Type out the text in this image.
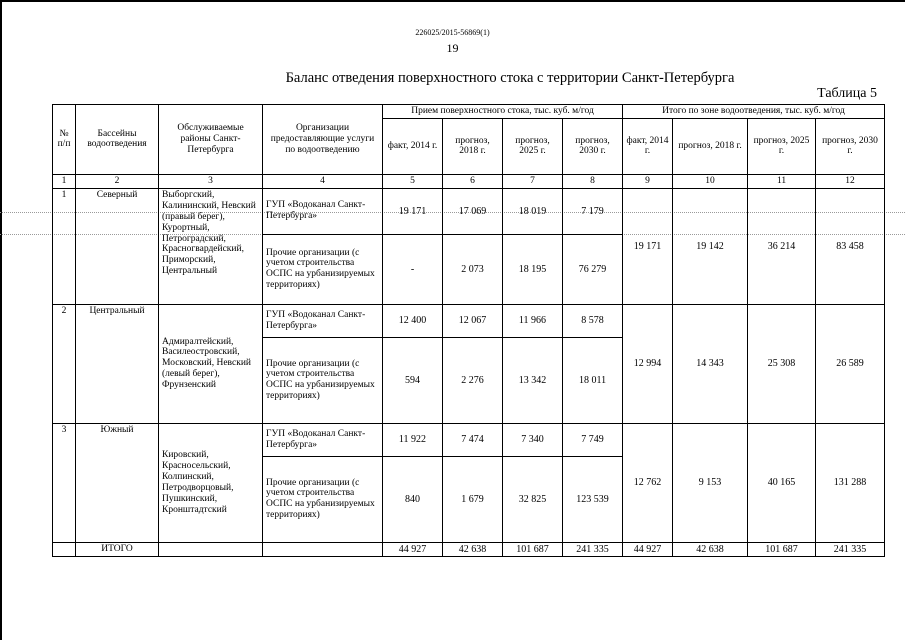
226025/2015-56869(1)
19
Баланс отведения поверхностного стока с территории Санкт-Петербурга
Таблица 5
№ п/п	Бассейны водоотведения	Обслуживаемые районы Санкт-Петербурга	Организации предоставляющие услуги по водоотведению	Прием поверхностного стока, тыс. куб. м/год				Итого по зоне водоотведения, тыс. куб. м/год			
				факт, 2014 г.	прогноз, 2018 г.	прогноз, 2025 г.	прогноз, 2030 г.	факт, 2014 г.	прогноз, 2018 г.	прогноз, 2025 г.	прогноз, 2030 г.
1	2	3	4	5	6	7	8	9	10	11	12
1	Северный	Выборгский, Калининский, Невский (правый берег), Курортный, Петроградский, Красногвардейский, Приморский, Центральный	ГУП «Водоканал Санкт-Петербурга»	19 171	17 069	18 019	7 179	19 171	19 142	36 214	83 458
			Прочие организации (с учетом строительства ОСПС на урбанизируемых территориях)	-	2 073	18 195	76 279				
2	Центральный	Адмиралтейский, Василеостровский, Московский, Невский (левый берег), Фрунзенский	ГУП «Водоканал Санкт-Петербурга»	12 400	12 067	11 966	8 578	12 994	14 343	25 308	26 589
			Прочие организации (с учетом строительства ОСПС на урбанизируемых территориях)	594	2 276	13 342	18 011				
3	Южный	Кировский, Красносельский, Колпинский, Петродворцовый, Пушкинский, Кронштадтский	ГУП «Водоканал Санкт-Петербурга»	11 922	7 474	7 340	7 749	12 762	9 153	40 165	131 288
			Прочие организации (с учетом строительства ОСПС на урбанизируемых территориях)	840	1 679	32 825	123 539				
	ИТОГО			44 927	42 638	101 687	241 335	44 927	42 638	101 687	241 335
